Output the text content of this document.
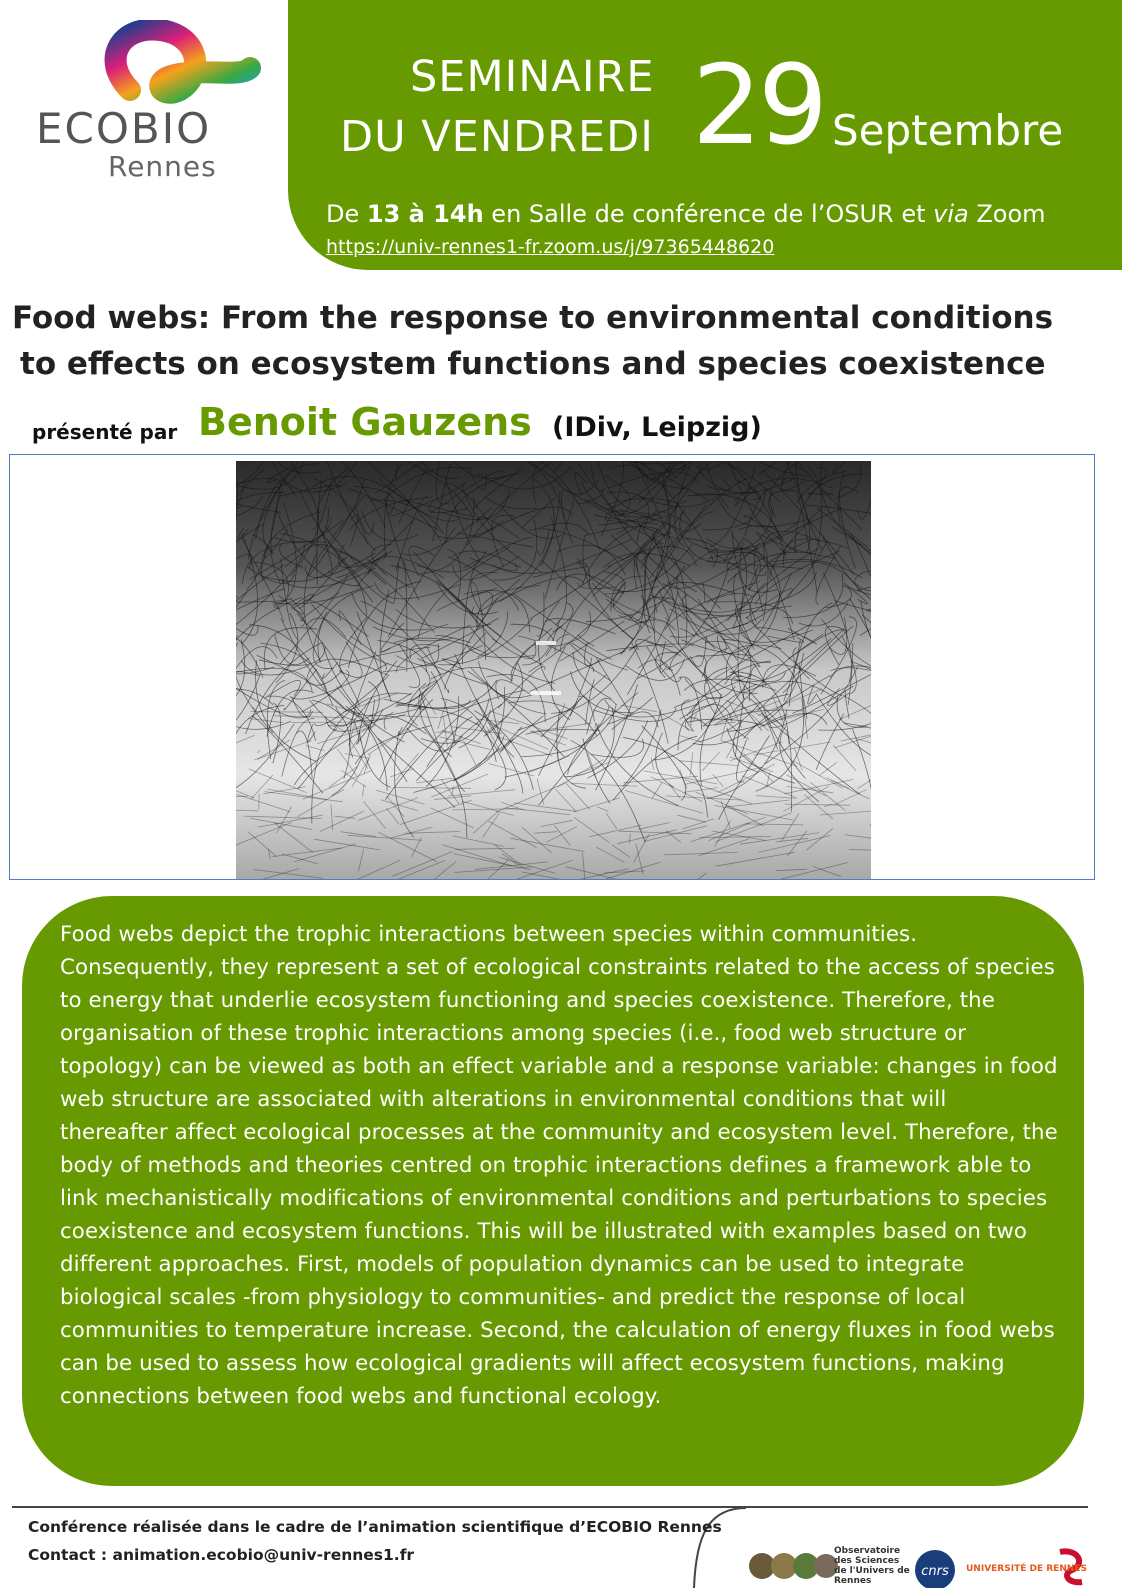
ECOBIO
Rennes
SEMINAIRE
DU VENDREDI 29 Septembre
De 13 à 14h en Salle de conférence de l’OSUR et via Zoom
https://univ-rennes1-fr.zoom.us/j/97365448620
Food webs: From the response to environmental conditions
to effects on ecosystem functions and species coexistence
présenté par Benoit Gauzens (IDiv, Leipzig)
Food webs depict the trophic interactions between species within communities. Consequently, they represent a set of ecological constraints related to the access of species to energy that underlie ecosystem functioning and species coexistence. Therefore, the organisation of these trophic interactions among species (i.e., food web structure or topology) can be viewed as both an effect variable and a response variable: changes in food web structure are associated with alterations in environmental conditions that will thereafter affect ecological processes at the community and ecosystem level. Therefore, the body of methods and theories centred on trophic interactions defines a framework able to link mechanistically modifications of environmental conditions and perturbations to species coexistence and ecosystem functions. This will be illustrated with examples based on two different approaches. First, models of population dynamics can be used to integrate biological scales -from physiology to communities- and predict the response of local communities to temperature increase. Second, the calculation of energy fluxes in food webs can be used to assess how ecological gradients will affect ecosystem functions, making connections between food webs and functional ecology.
Conférence réalisée dans le cadre de l’animation scientifique d’ECOBIO Rennes
Contact : animation.ecobio@univ-rennes1.fr	Observatoire des Sciences de l'Univers de Rennes
cnrs UNIVERSITÉ DE RENNES
